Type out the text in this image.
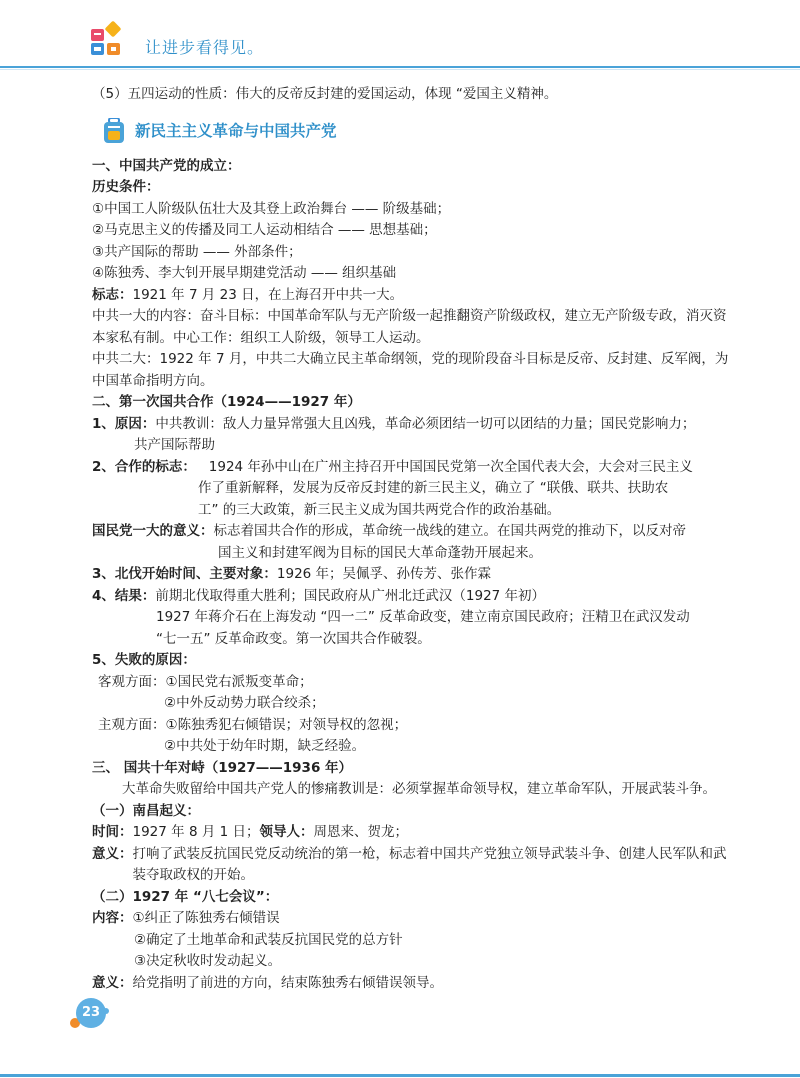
让进步看得见。

（5）五四运动的性质：伟大的反帝反封建的爱国运动，体现 “爱国主义精神。

新民主主义革命与中国共产党

一、中国共产党的成立：

历史条件：

①中国工人阶级队伍壮大及其登上政治舞台 —— 阶级基础；

②马克思主义的传播及同工人运动相结合 —— 思想基础；

③共产国际的帮助 —— 外部条件；

④陈独秀、李大钊开展早期建党活动 —— 组织基础

标志：1921 年 7 月 23 日，在上海召开中共一大。

中共一大的内容：奋斗目标：中国革命军队与无产阶级一起推翻资产阶级政权，建立无产阶级专政，消灭资本家私有制。中心工作：组织工人阶级，领导工人运动。

中共二大：1922 年 7 月，中共二大确立民主革命纲领，党的现阶段奋斗目标是反帝、反封建、反军阀，为中国革命指明方向。

二、第一次国共合作（1924——1927 年）

1、原因：中共教训：敌人力量异常强大且凶残，革命必须团结一切可以团结的力量；国民党影响力；

共产国际帮助

2、合作的标志： 1924 年孙中山在广州主持召开中国国民党第一次全国代表大会，大会对三民主义

作了重新解释，发展为反帝反封建的新三民主义，确立了 “联俄、联共、扶助农

工” 的三大政策，新三民主义成为国共两党合作的政治基础。

国民党一大的意义：标志着国共合作的形成，革命统一战线的建立。在国共两党的推动下，以反对帝

国主义和封建军阀为目标的国民大革命蓬勃开展起来。

3、北伐开始时间、主要对象：1926 年；吴佩孚、孙传芳、张作霖

4、结果：前期北伐取得重大胜利；国民政府从广州北迁武汉（1927 年初）

1927 年蒋介石在上海发动 “四一二” 反革命政变，建立南京国民政府；汪精卫在武汉发动

“七一五” 反革命政变。第一次国共合作破裂。

5、失败的原因：

客观方面：①国民党右派叛变革命；

②中外反动势力联合绞杀；

主观方面：①陈独秀犯右倾错误；对领导权的忽视；

②中共处于幼年时期，缺乏经验。

三、 国共十年对峙（1927——1936 年）

大革命失败留给中国共产党人的惨痛教训是：必须掌握革命领导权，建立革命军队，开展武装斗争。

（一）南昌起义：

时间：1927 年 8 月 1 日；领导人：周恩来、贺龙；

意义： 打响了武装反抗国民党反动统治的第一枪，标志着中国共产党独立领导武装斗争、创建人民军队和武装夺取政权的开始。

（二）1927 年 “八七会议”：

内容：①纠正了陈独秀右倾错误

②确定了土地革命和武装反抗国民党的总方针

③决定秋收时发动起义。

意义：给党指明了前进的方向，结束陈独秀右倾错误领导。

23
